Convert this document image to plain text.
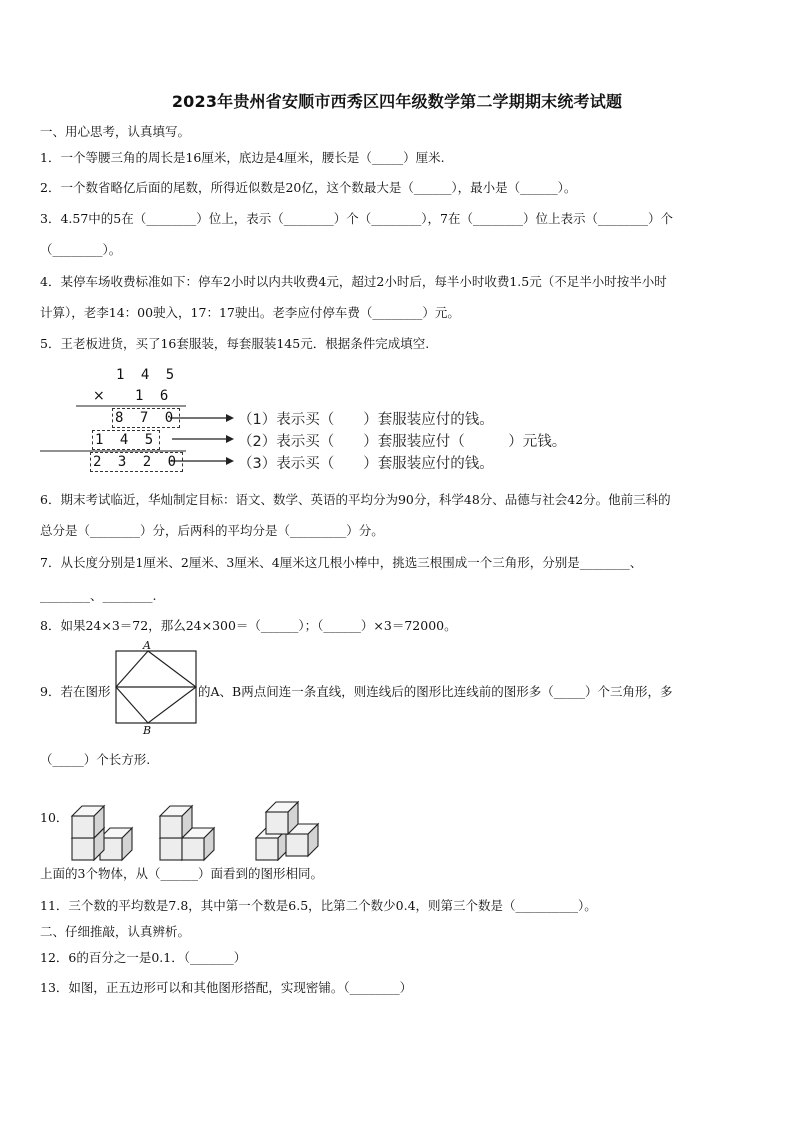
2023年贵州省安顺市西秀区四年级数学第二学期期末统考试题
一、用心思考，认真填写。
1．一个等腰三角的周长是16厘米，底边是4厘米，腰长是（_____）厘米.
2．一个数省略亿后面的尾数，所得近似数是20亿，这个数最大是（______），最小是（______）。
3．4.57中的5在（________）位上，表示（________）个（________），7在（________）位上表示（________）个
（________）。
4．某停车场收费标准如下：停车2小时以内共收费4元，超过2小时后，每半小时收费1.5元（不足半小时按半小时
计算），老李14：00驶入，17：17驶出。老李应付停车费（________）元。
5．王老板进货，买了16套服装，每套服装145元．根据条件完成填空.
1 4 5
× 1 6
8 7 0
1 4 5
2 3 2 0
（1）表示买（　　）套服装应付的钱。
（2）表示买（　　）套服装应付（　　　）元钱。
（3）表示买（　　）套服装应付的钱。
6．期末考试临近，华灿制定目标：语文、数学、英语的平均分为90分，科学48分、品德与社会42分。他前三科的
总分是（________）分，后两科的平均分是（_________）分。
7．从长度分别是1厘米、2厘米、3厘米、4厘米这几根小棒中，挑选三根围成一个三角形，分别是________、
________、________.
8．如果24×3＝72，那么24×300＝（______）；（______）×3＝72000。
9．若在图形
A
B
的A、B两点间连一条直线，则连线后的图形比连线前的图形多（_____）个三角形，多
（_____）个长方形.
10．
上面的3个物体，从（______）面看到的图形相同。
11．三个数的平均数是7.8，其中第一个数是6.5，比第二个数少0.4，则第三个数是（__________）。
二、仔细推敲，认真辨析。
12．6的百分之一是0.1．（_______）
13．如图，正五边形可以和其他图形搭配，实现密铺。（________）
